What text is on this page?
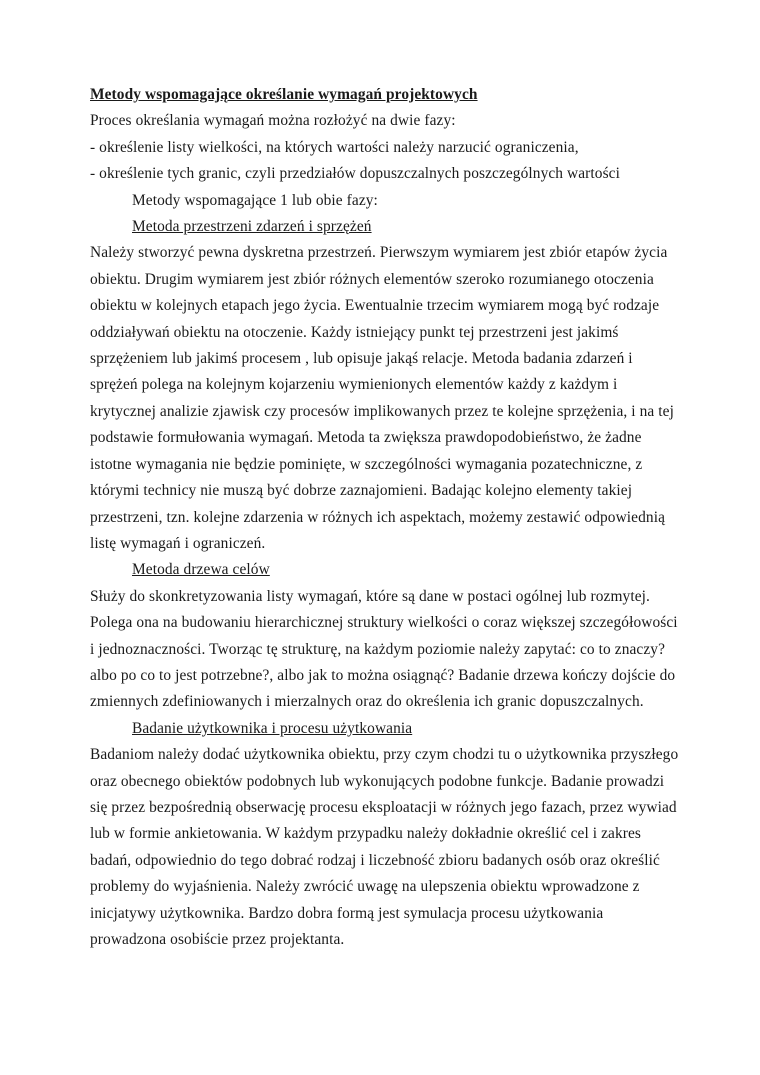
Metody wspomagające określanie wymagań projektowych
Proces określania wymagań można rozłożyć na dwie fazy:
- określenie listy wielkości, na których wartości należy narzucić ograniczenia,
- określenie tych granic, czyli przedziałów dopuszczalnych poszczególnych wartości
Metody wspomagające 1 lub obie fazy:
Metoda przestrzeni zdarzeń i sprzężeń
Należy stworzyć pewna dyskretna przestrzeń. Pierwszym wymiarem jest zbiór etapów życia
obiektu. Drugim wymiarem jest zbiór różnych elementów szeroko rozumianego otoczenia
obiektu w kolejnych etapach jego życia. Ewentualnie trzecim wymiarem mogą być rodzaje
oddziaływań obiektu na otoczenie. Każdy istniejący punkt tej przestrzeni jest jakimś
sprzężeniem lub jakimś procesem , lub opisuje jakąś relacje. Metoda badania zdarzeń i
sprężeń polega na kolejnym kojarzeniu wymienionych elementów każdy z każdym i
krytycznej analizie zjawisk czy procesów implikowanych przez te kolejne sprzężenia, i na tej
podstawie formułowania wymagań. Metoda ta zwiększa prawdopodobieństwo, że żadne
istotne wymagania nie będzie pominięte, w szczególności wymagania pozatechniczne, z
którymi technicy nie muszą być dobrze zaznajomieni. Badając kolejno elementy takiej
przestrzeni, tzn. kolejne zdarzenia w różnych ich aspektach, możemy zestawić odpowiednią
listę wymagań i ograniczeń.
Metoda drzewa celów
Służy do skonkretyzowania listy wymagań, które są dane w postaci ogólnej lub rozmytej.
Polega ona na budowaniu hierarchicznej struktury wielkości o coraz większej szczegółowości
i jednoznaczności. Tworząc tę strukturę, na każdym poziomie należy zapytać: co to znaczy?
albo po co to jest potrzebne?, albo jak to można osiągnąć? Badanie drzewa kończy dojście do
zmiennych zdefiniowanych i mierzalnych oraz do określenia ich granic dopuszczalnych.
Badanie użytkownika i procesu użytkowania
Badaniom należy dodać użytkownika obiektu, przy czym chodzi tu o użytkownika przyszłego
oraz obecnego obiektów podobnych lub wykonujących podobne funkcje. Badanie prowadzi
się przez bezpośrednią obserwację procesu eksploatacji w różnych jego fazach, przez wywiad
lub w formie ankietowania. W każdym przypadku należy dokładnie określić cel i zakres
badań, odpowiednio do tego dobrać rodzaj i liczebność zbioru badanych osób oraz określić
problemy do wyjaśnienia. Należy zwrócić uwagę na ulepszenia obiektu wprowadzone z
inicjatywy użytkownika. Bardzo dobra formą jest symulacja procesu użytkowania
prowadzona osobiście przez projektanta.
